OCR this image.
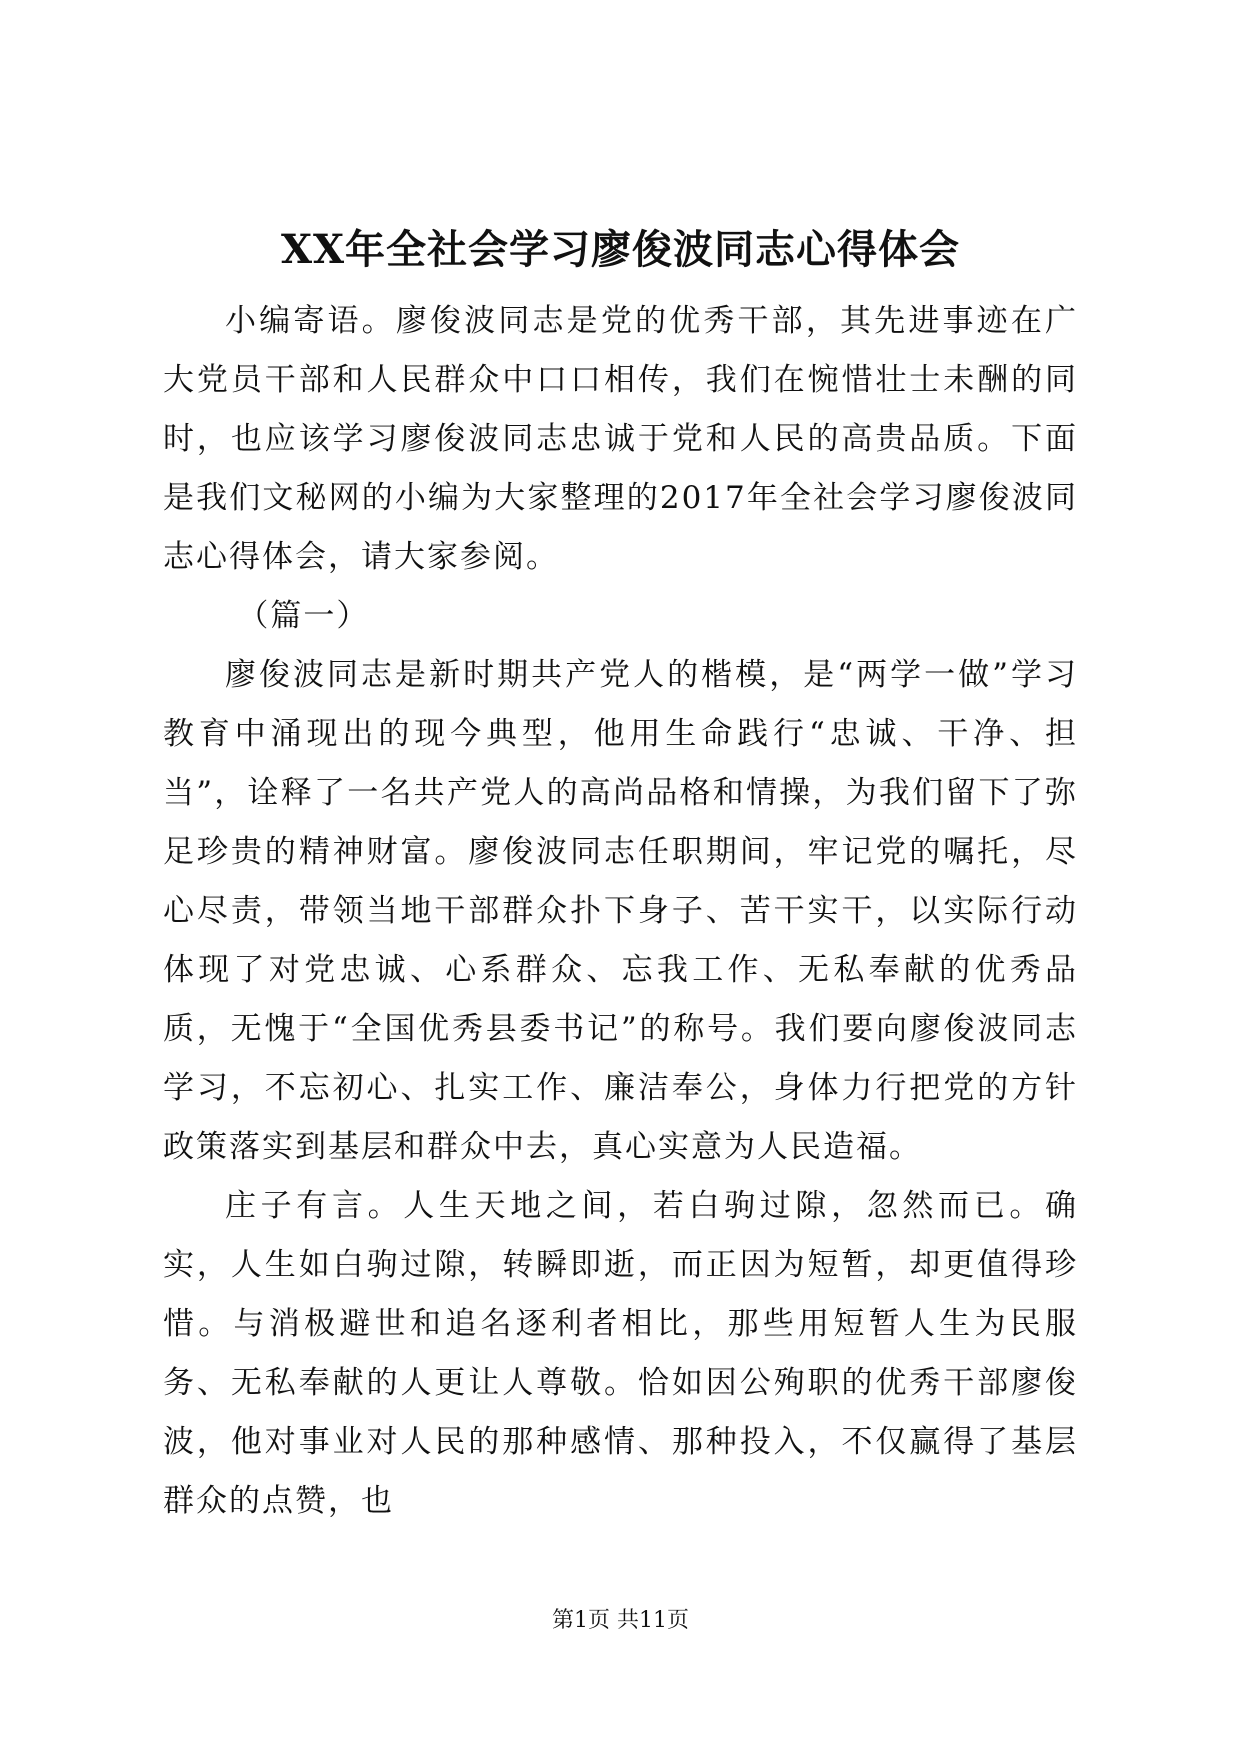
XX年全社会学习廖俊波同志心得体会

小编寄语。廖俊波同志是党的优秀干部，其先进事迹在广大党员干部和人民群众中口口相传，我们在惋惜壮士未酬的同时，也应该学习廖俊波同志忠诚于党和人民的高贵品质。下面是我们文秘网的小编为大家整理的2017年全社会学习廖俊波同志心得体会，请大家参阅。

（篇一）

廖俊波同志是新时期共产党人的楷模，是“两学一做”学习教育中涌现出的现今典型，他用生命践行“忠诚、干净、担当”，诠释了一名共产党人的高尚品格和情操，为我们留下了弥足珍贵的精神财富。廖俊波同志任职期间，牢记党的嘱托，尽心尽责，带领当地干部群众扑下身子、苦干实干，以实际行动体现了对党忠诚、心系群众、忘我工作、无私奉献的优秀品质，无愧于“全国优秀县委书记”的称号。我们要向廖俊波同志学习，不忘初心、扎实工作、廉洁奉公，身体力行把党的方针政策落实到基层和群众中去，真心实意为人民造福。

庄子有言。人生天地之间，若白驹过隙，忽然而已。确实，人生如白驹过隙，转瞬即逝，而正因为短暂，却更值得珍惜。与消极避世和追名逐利者相比，那些用短暂人生为民服务、无私奉献的人更让人尊敬。恰如因公殉职的优秀干部廖俊波，他对事业对人民的那种感情、那种投入，不仅赢得了基层群众的点赞，也

第1页 共11页
